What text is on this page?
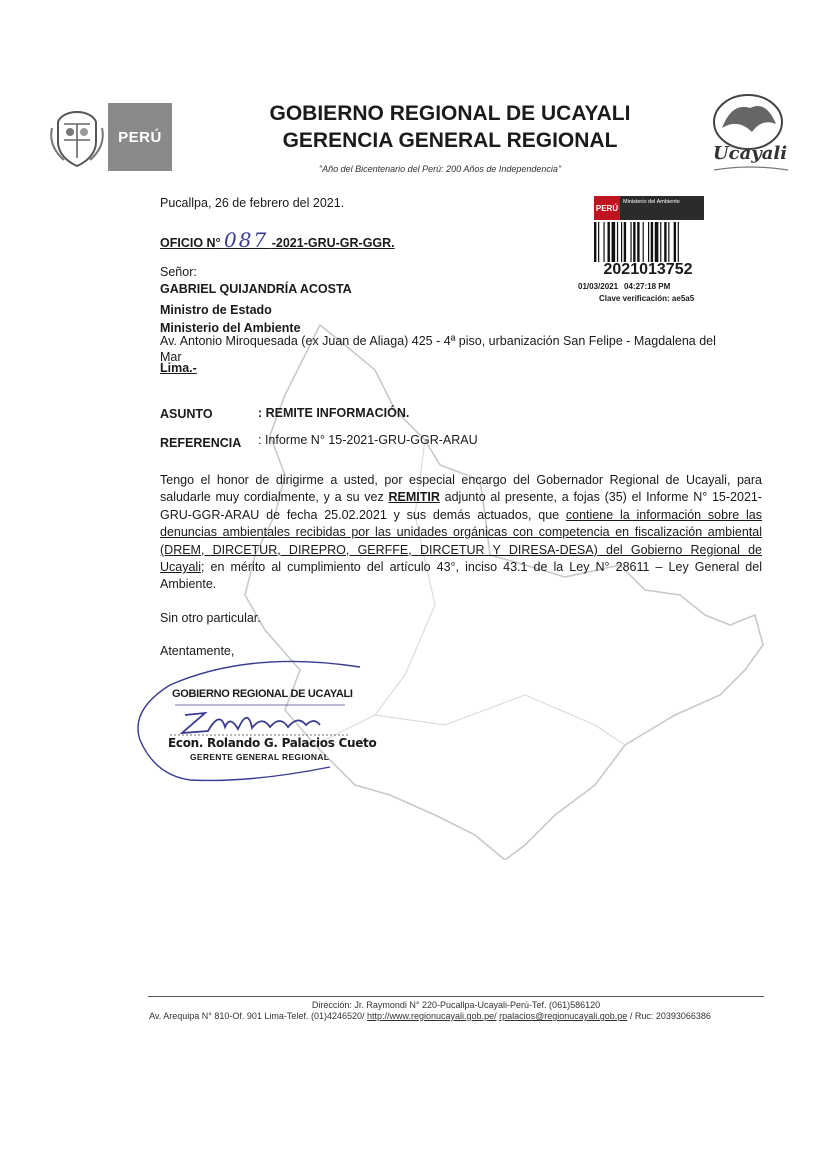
PERÚ
GOBIERNO REGIONAL DE UCAYALI
GERENCIA GENERAL REGIONAL
Ucayali
"Año del Bicentenario del Perú: 200 Años de Independencia"
PERÚ
Ministerio del Ambiente
2021013752
01/03/2021 04:27:18 PM
Clave verificación: ae5a5
Pucallpa, 26 de febrero del 2021.
OFICIO N° 087 -2021-GRU-GR-GGR.
Señor:
GABRIEL QUIJANDRÍA ACOSTA
Ministro de Estado
Ministerio del Ambiente
Av. Antonio Miroquesada (ex Juan de Aliaga) 425 - 4ª piso, urbanización San Felipe - Magdalena del Mar
Lima.-
ASUNTO	: REMITE INFORMACIÓN.
REFERENCIA : Informe N° 15-2021-GRU-GGR-ARAU
Tengo el honor de dirigirme a usted, por especial encargo del Gobernador Regional de Ucayali, para saludarle muy cordialmente, y a su vez REMITIR adjunto al presente, a fojas (35) el Informe N° 15-2021-GRU-GGR-ARAU de fecha 25.02.2021 y sus demás actuados, que contiene la información sobre las denuncias ambientales recibidas por las unidades orgánicas con competencia en fiscalización ambiental (DREM, DIRCETUR, DIREPRO, GERFFE, DIRCETUR Y DIRESA-DESA) del Gobierno Regional de Ucayali; en mérito al cumplimiento del artículo 43°, inciso 43.1 de la Ley N° 28611 – Ley General del Ambiente.
Sin otro particular.
Atentamente,
GOBIERNO REGIONAL DE UCAYALI
Econ. Rolando G. Palacios Cueto
GERENTE GENERAL REGIONAL
Dirección: Jr. Raymondi N° 220-Pucallpa-Ucayali-Perú-Tef. (061)586120
Av. Arequipa N° 810-Of. 901 Lima-Telef. (01)4246520/ http://www.regionucayali.gob.pe/ rpalacios@regionucayali.gob.pe / Ruc: 20393066386
